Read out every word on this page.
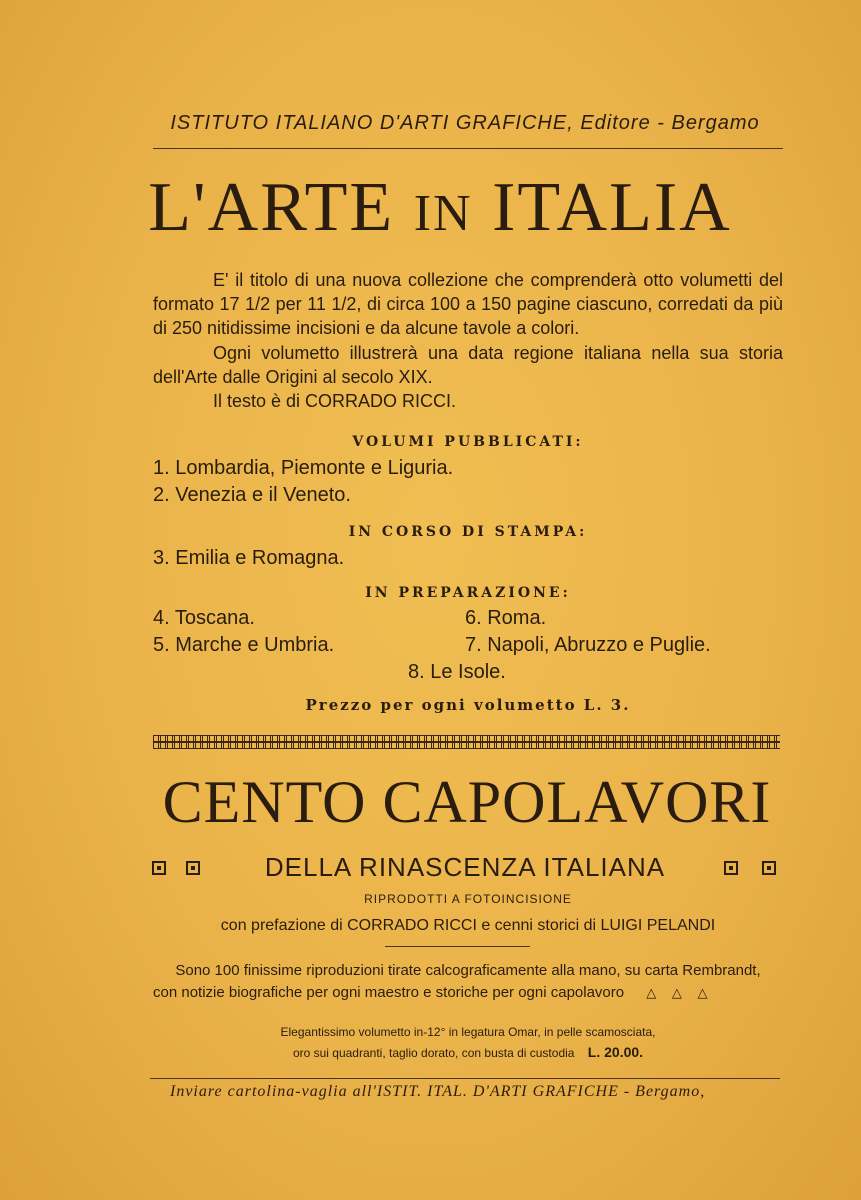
ISTITUTO ITALIANO D'ARTI GRAFICHE, Editore - Bergamo
L'ARTE IN ITALIA
E' il titolo di una nuova collezione che comprenderà otto volumetti del formato 17 1/2 per 11 1/2, di circa 100 a 150 pagine ciascuno, corredati da più di 250 nitidissime incisioni e da alcune tavole a colori.
Ogni volumetto illustrerà una data regione italiana nella sua storia dell'Arte dalle Origini al secolo XIX.
Il testo è di CORRADO RICCI.
VOLUMI PUBBLICATI:
1. Lombardia, Piemonte e Liguria.
2. Venezia e il Veneto.
IN CORSO DI STAMPA:
3. Emilia e Romagna.
IN PREPARAZIONE:
4. Toscana.
5. Marche e Umbria.
6. Roma.
7. Napoli, Abruzzo e Puglie.
8. Le Isole.
Prezzo per ogni volumetto L. 3.
CENTO CAPOLAVORI
DELLA RINASCENZA ITALIANA
RIPRODOTTI A FOTOINCISIONE
con prefazione di CORRADO RICCI e cenni storici di LUIGI PELANDI
Sono 100 finissime riproduzioni tirate calcograficamente alla mano, su carta Rembrandt,
con notizie biografiche per ogni maestro e storiche per ogni capolavoro △ △ △
Elegantissimo volumetto in-12° in legatura Omar, in pelle scamosciata,
oro sui quadranti, taglio dorato, con busta di custodia L. 20.00.
Inviare cartolina-vaglia all'ISTIT. ITAL. D'ARTI GRAFICHE - Bergamo,
